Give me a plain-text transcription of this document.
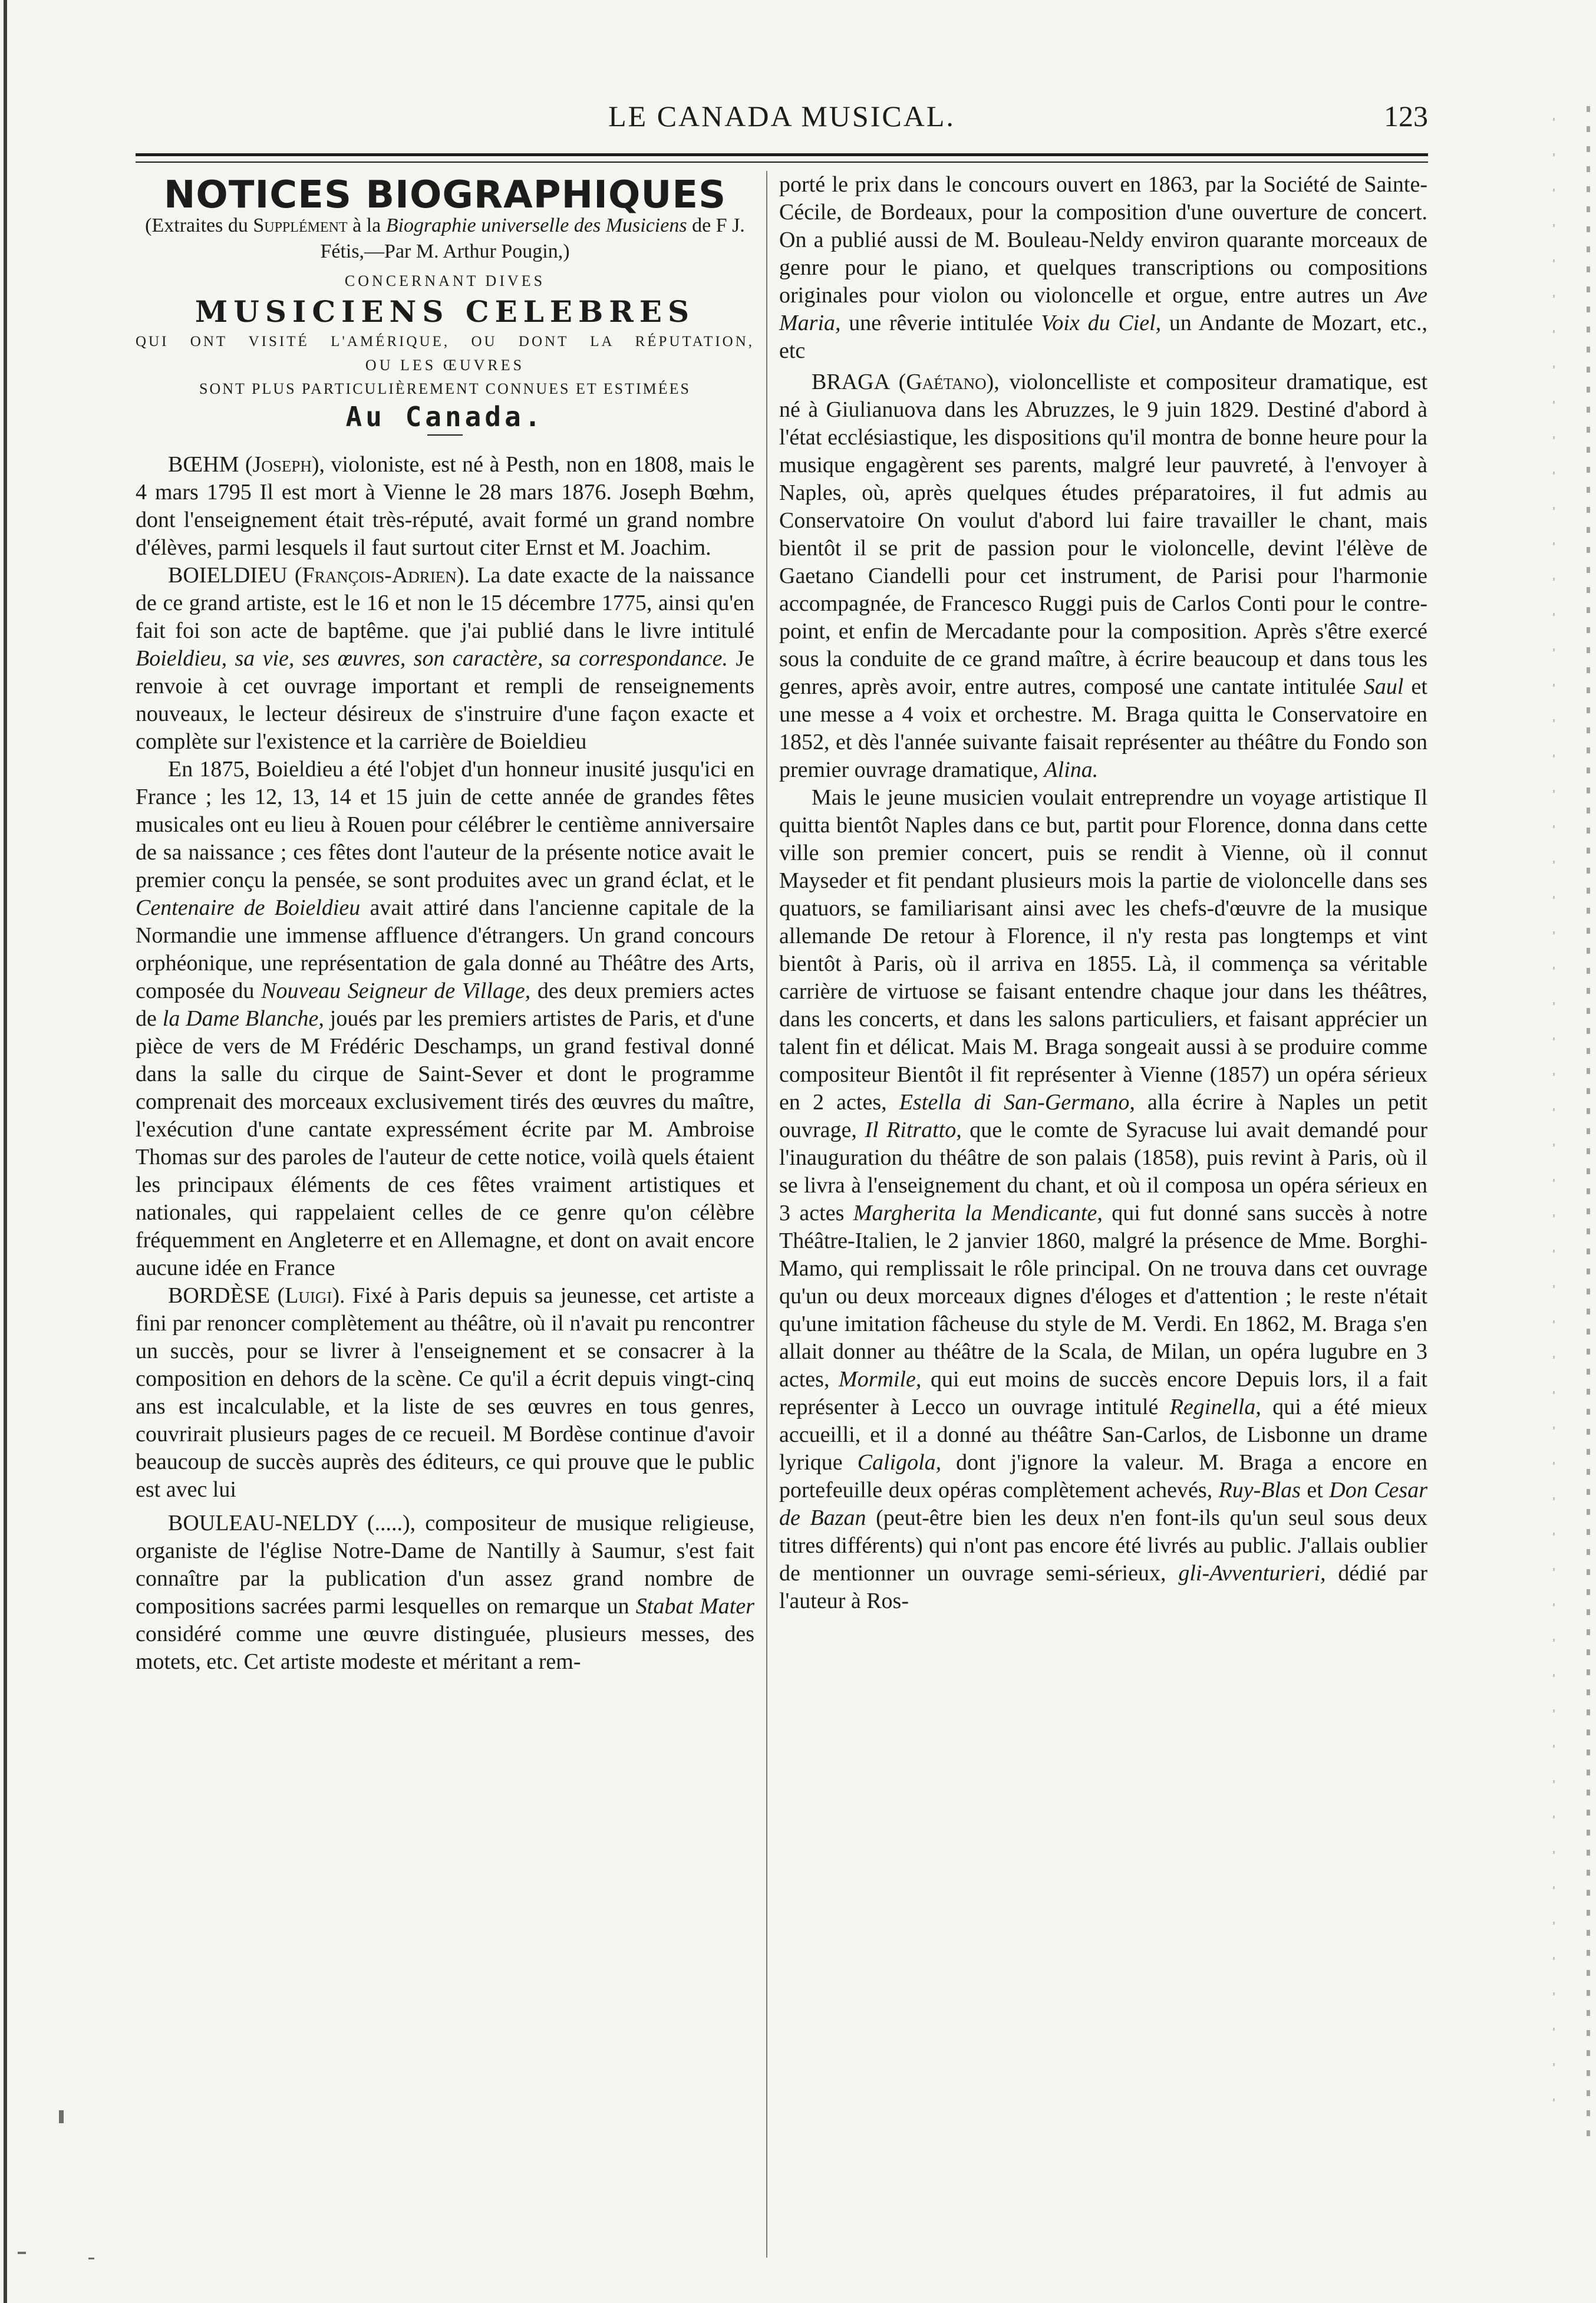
LE CANADA MUSICAL.	123
NOTICES BIOGRAPHIQUES
(Extraites du Supplément à la Biographie universelle des Musiciens de F J. Fétis,—Par M. Arthur Pougin,)
CONCERNANT DIVES
MUSICIENS CELEBRES
QUI ONT VISITÉ L'AMÉRIQUE, OU DONT LA RÉPUTATION,
OU LES ŒUVRES
SONT PLUS PARTICULIÈREMENT CONNUES ET ESTIMÉES
Au Canada.

BŒHM (Joseph), violoniste, est né à Pesth, non en 1808, mais le 4 mars 1795 Il est mort à Vienne le 28 mars 1876. Joseph Bœhm, dont l'enseignement était très-réputé, avait formé un grand nombre d'élèves, parmi lesquels il faut surtout citer Ernst et M. Joachim.

BOIELDIEU (François-Adrien). La date exacte de la naissance de ce grand artiste, est le 16 et non le 15 décembre 1775, ainsi qu'en fait foi son acte de baptême. que j'ai publié dans le livre intitulé Boieldieu, sa vie, ses œuvres, son caractère, sa correspondance. Je renvoie à cet ouvrage important et rempli de renseignements nouveaux, le lecteur désireux de s'instruire d'une façon exacte et complète sur l'existence et la carrière de Boieldieu

En 1875, Boieldieu a été l'objet d'un honneur inusité jusqu'ici en France ; les 12, 13, 14 et 15 juin de cette année de grandes fêtes musicales ont eu lieu à Rouen pour célébrer le centième anniversaire de sa naissance ; ces fêtes dont l'auteur de la présente notice avait le premier conçu la pensée, se sont produites avec un grand éclat, et le Centenaire de Boieldieu avait attiré dans l'ancienne capitale de la Normandie une immense affluence d'étrangers. Un grand concours orphéonique, une représentation de gala donné au Théâtre des Arts, composée du Nouveau Seigneur de Village, des deux premiers actes de la Dame Blanche, joués par les premiers artistes de Paris, et d'une pièce de vers de M Frédéric Deschamps, un grand festival donné dans la salle du cirque de Saint-Sever et dont le programme comprenait des morceaux exclusivement tirés des œuvres du maître, l'exécution d'une cantate expressément écrite par M. Ambroise Thomas sur des paroles de l'auteur de cette notice, voilà quels étaient les principaux éléments de ces fêtes vraiment artistiques et nationales, qui rappelaient celles de ce genre qu'on célèbre fréquemment en Angleterre et en Allemagne, et dont on avait encore aucune idée en France

BORDÈSE (Luigi). Fixé à Paris depuis sa jeunesse, cet artiste a fini par renoncer complètement au théâtre, où il n'avait pu rencontrer un succès, pour se livrer à l'enseignement et se consacrer à la composition en dehors de la scène. Ce qu'il a écrit depuis vingt-cinq ans est incalculable, et la liste de ses œuvres en tous genres, couvrirait plusieurs pages de ce recueil. M Bordèse continue d'avoir beaucoup de succès auprès des éditeurs, ce qui prouve que le public est avec lui

BOULEAU-NELDY (.....), compositeur de musique religieuse, organiste de l'église Notre-Dame de Nantilly à Saumur, s'est fait connaître par la publication d'un assez grand nombre de compositions sacrées parmi lesquelles on remarque un Stabat Mater considéré comme une œuvre distinguée, plusieurs messes, des motets, etc. Cet artiste modeste et méritant a rem-

porté le prix dans le concours ouvert en 1863, par la Société de Sainte-Cécile, de Bordeaux, pour la composition d'une ouverture de concert. On a publié aussi de M. Bouleau-Neldy environ quarante morceaux de genre pour le piano, et quelques transcriptions ou compositions originales pour violon ou violoncelle et orgue, entre autres un Ave Maria, une rêverie intitulée Voix du Ciel, un Andante de Mozart, etc., etc

BRAGA (Gaétano), violoncelliste et compositeur dramatique, est né à Giulianuova dans les Abruzzes, le 9 juin 1829. Destiné d'abord à l'état ecclésiastique, les dispositions qu'il montra de bonne heure pour la musique engagèrent ses parents, malgré leur pauvreté, à l'envoyer à Naples, où, après quelques études préparatoires, il fut admis au Conservatoire On voulut d'abord lui faire travailler le chant, mais bientôt il se prit de passion pour le violoncelle, devint l'élève de Gaetano Ciandelli pour cet instrument, de Parisi pour l'harmonie accompagnée, de Francesco Ruggi puis de Carlos Conti pour le contre-point, et enfin de Mercadante pour la composition. Après s'être exercé sous la conduite de ce grand maître, à écrire beaucoup et dans tous les genres, après avoir, entre autres, composé une cantate intitulée Saul et une messe a 4 voix et orchestre. M. Braga quitta le Conservatoire en 1852, et dès l'année suivante faisait représenter au théâtre du Fondo son premier ouvrage dramatique, Alina.

Mais le jeune musicien voulait entreprendre un voyage artistique Il quitta bientôt Naples dans ce but, partit pour Florence, donna dans cette ville son premier concert, puis se rendit à Vienne, où il connut Mayseder et fit pendant plusieurs mois la partie de violoncelle dans ses quatuors, se familiarisant ainsi avec les chefs-d'œuvre de la musique allemande De retour à Florence, il n'y resta pas longtemps et vint bientôt à Paris, où il arriva en 1855. Là, il commença sa véritable carrière de virtuose se faisant entendre chaque jour dans les théâtres, dans les concerts, et dans les salons particuliers, et faisant apprécier un talent fin et délicat. Mais M. Braga songeait aussi à se produire comme compositeur Bientôt il fit représenter à Vienne (1857) un opéra sérieux en 2 actes, Estella di San-Germano, alla écrire à Naples un petit ouvrage, Il Ritratto, que le comte de Syracuse lui avait demandé pour l'inauguration du théâtre de son palais (1858), puis revint à Paris, où il se livra à l'enseignement du chant, et où il composa un opéra sérieux en 3 actes Margherita la Mendicante, qui fut donné sans succès à notre Théâtre-Italien, le 2 janvier 1860, malgré la présence de Mme. Borghi-Mamo, qui remplissait le rôle principal. On ne trouva dans cet ouvrage qu'un ou deux morceaux dignes d'éloges et d'attention ; le reste n'était qu'une imitation fâcheuse du style de M. Verdi. En 1862, M. Braga s'en allait donner au théâtre de la Scala, de Milan, un opéra lugubre en 3 actes, Mormile, qui eut moins de succès encore Depuis lors, il a fait représenter à Lecco un ouvrage intitulé Reginella, qui a été mieux accueilli, et il a donné au théâtre San-Carlos, de Lisbonne un drame lyrique Caligola, dont j'ignore la valeur. M. Braga a encore en portefeuille deux opéras complètement achevés, Ruy-Blas et Don Cesar de Bazan (peut-être bien les deux n'en font-ils qu'un seul sous deux titres différents) qui n'ont pas encore été livrés au public. J'allais oublier de mentionner un ouvrage semi-sérieux, gli-Avventurieri, dédié par l'auteur à Ros-
